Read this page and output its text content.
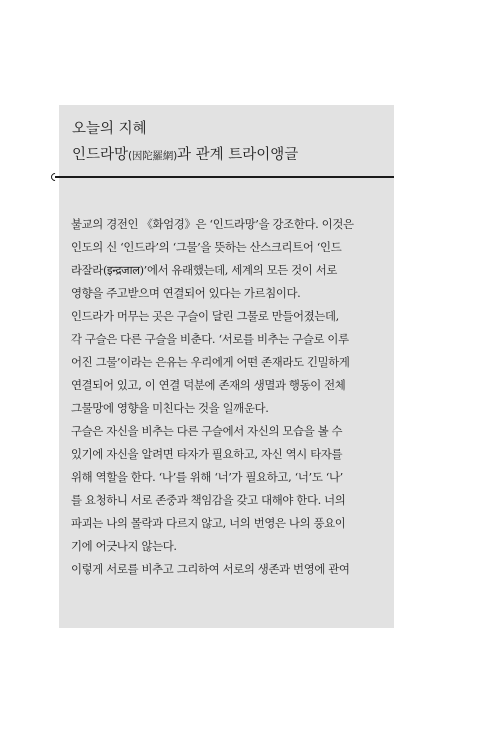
오늘의 지혜

인드라망(因陀羅網)과 관계 트라이앵글

불교의 경전인 《화엄경》은 ‘인드라망’을 강조한다. 이것은

인도의 신 ‘인드라’의 ‘그물’을 뜻하는 산스크리트어 ‘인드

라잘라(इन्द्रजाल)’에서 유래했는데, 세계의 모든 것이 서로

영향을 주고받으며 연결되어 있다는 가르침이다.

인드라가 머무는 곳은 구슬이 달린 그물로 만들어졌는데,

각 구슬은 다른 구슬을 비춘다. ‘서로를 비추는 구슬로 이루

어진 그물’이라는 은유는 우리에게 어떤 존재라도 긴밀하게

연결되어 있고, 이 연결 덕분에 존재의 생멸과 행동이 전체

그물망에 영향을 미친다는 것을 일깨운다.

구슬은 자신을 비추는 다른 구슬에서 자신의 모습을 볼 수

있기에 자신을 알려면 타자가 필요하고, 자신 역시 타자를

위해 역할을 한다. ‘나’를 위해 ‘너’가 필요하고, ‘너’도 ‘나’

를 요청하니 서로 존중과 책임감을 갖고 대해야 한다. 너의

파괴는 나의 몰락과 다르지 않고, 너의 번영은 나의 풍요이

기에 어긋나지 않는다.

이렇게 서로를 비추고 그리하여 서로의 생존과 번영에 관여
